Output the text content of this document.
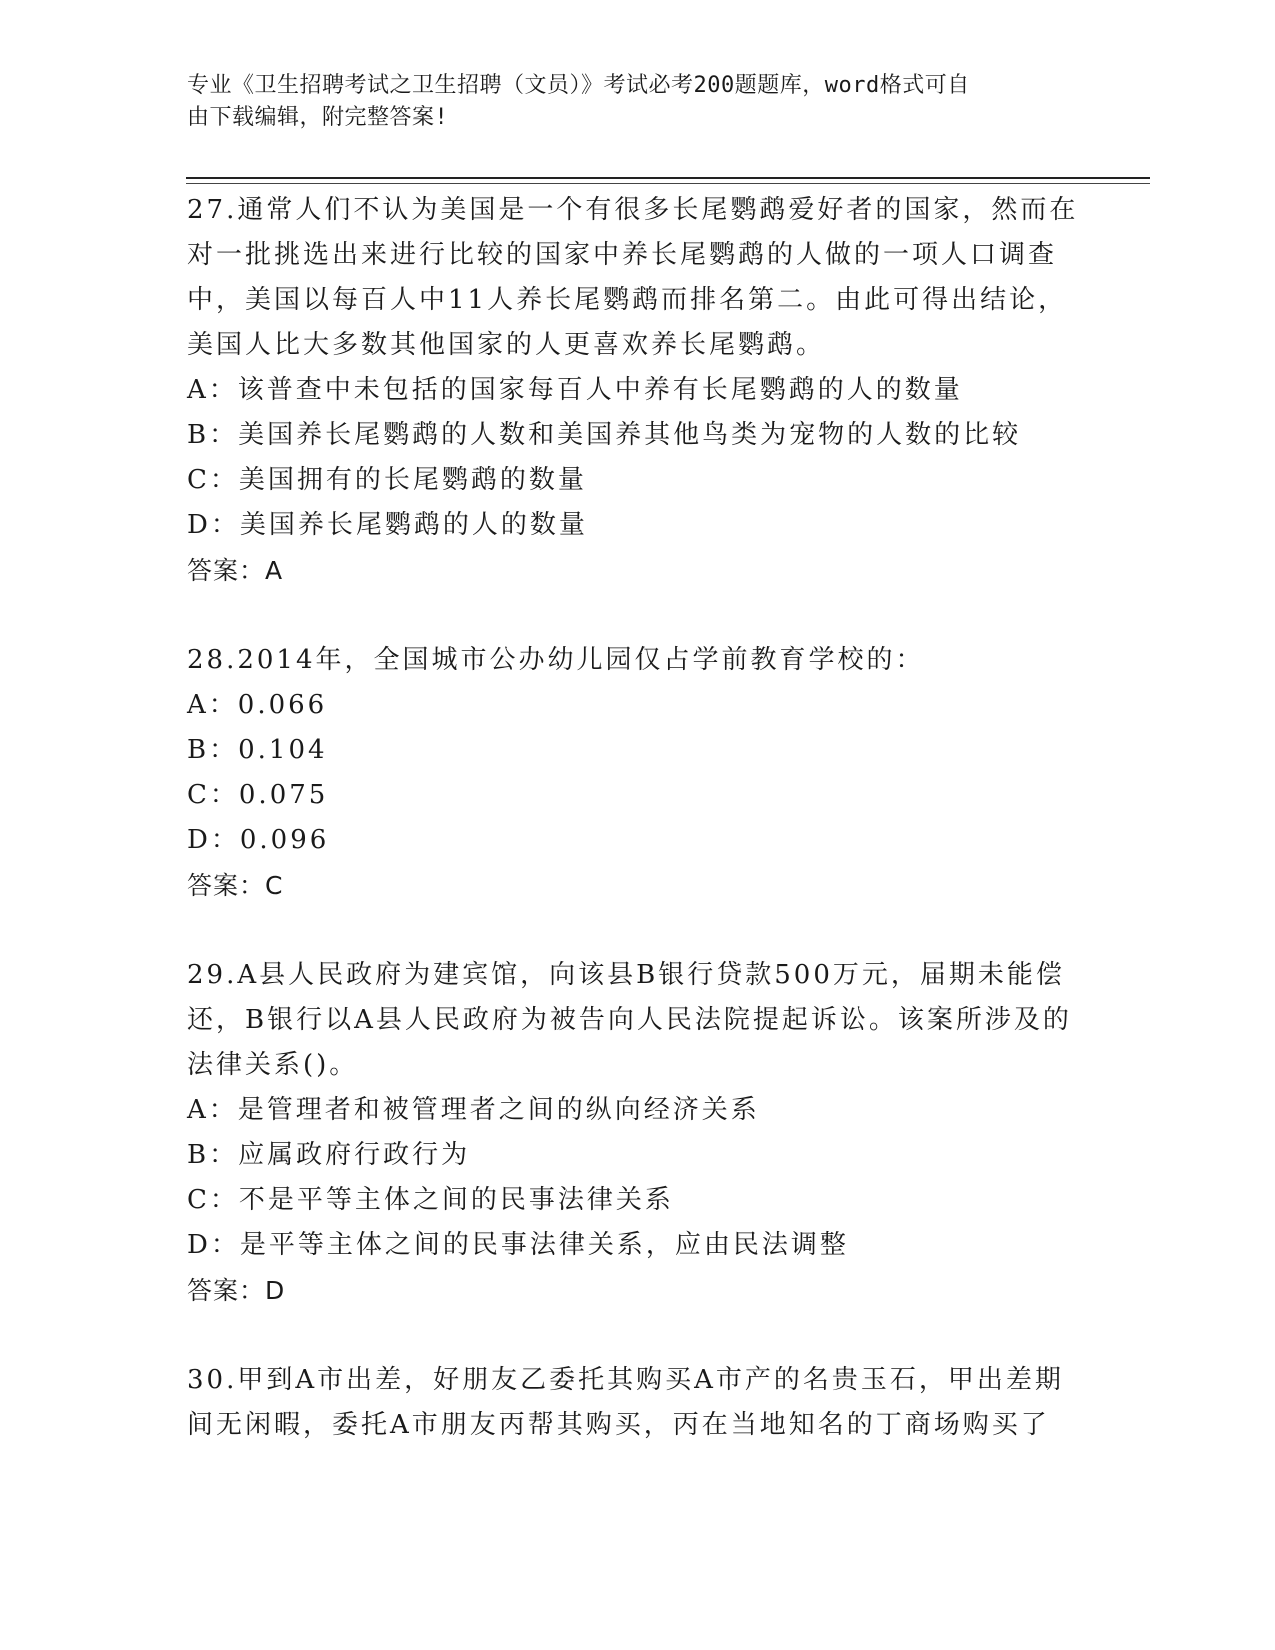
专业《卫生招聘考试之卫生招聘（文员）》考试必考200题题库，word格式可自
由下载编辑，附完整答案!

27.通常人们不认为美国是一个有很多长尾鹦鹉爱好者的国家，然而在

对一批挑选出来进行比较的国家中养长尾鹦鹉的人做的一项人口调查

中，美国以每百人中11人养长尾鹦鹉而排名第二。由此可得出结论，

美国人比大多数其他国家的人更喜欢养长尾鹦鹉。

A：该普查中未包括的国家每百人中养有长尾鹦鹉的人的数量

B：美国养长尾鹦鹉的人数和美国养其他鸟类为宠物的人数的比较

C：美国拥有的长尾鹦鹉的数量

D：美国养长尾鹦鹉的人的数量

答案：A

28.2014年，全国城市公办幼儿园仅占学前教育学校的：

A：0.066

B：0.104

C：0.075

D：0.096

答案：C

29.A县人民政府为建宾馆，向该县B银行贷款500万元，届期未能偿

还，B银行以A县人民政府为被告向人民法院提起诉讼。该案所涉及的

法律关系()。

A：是管理者和被管理者之间的纵向经济关系

B：应属政府行政行为

C：不是平等主体之间的民事法律关系

D：是平等主体之间的民事法律关系，应由民法调整

答案：D

30.甲到A市出差，好朋友乙委托其购买A市产的名贵玉石，甲出差期

间无闲暇，委托A市朋友丙帮其购买，丙在当地知名的丁商场购买了
